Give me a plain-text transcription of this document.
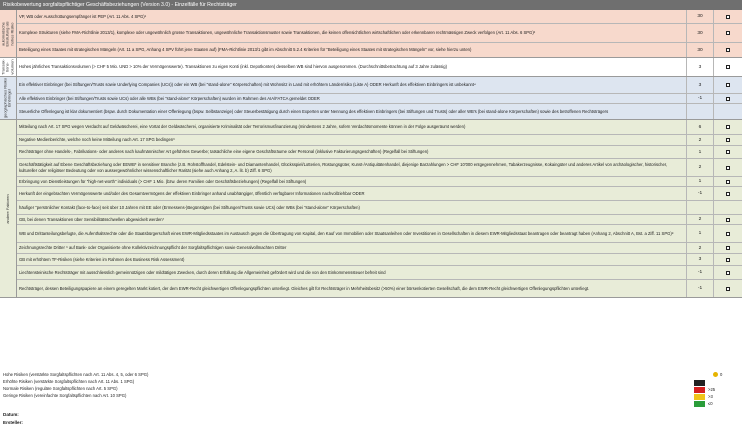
Risikobewertung sorgfaltspflichtiger Geschäftsbeziehungen (Version 3.0) - Einzelfälle für Rechtsträger
automatische Einstufung als hohes Risiko
VP, WB oder Ausschüttungsempfänger ist PEP (Art. 11 Abs. 4 SPG)¹	30
Komplexe Strukturen (siehe FMA-Richtlinie 2013/1), komplexe oder ungewöhnlich grosse Transaktionen, ungewöhnliche Transaktionsmuster sowie Transaktionen, die keinen offensichtlichen wirtschaftlichen oder erkennbaren rechtmässigen Zweck verfolgen (Art. 11 Abs. 6 SPG)²	30
Beteiligung eines Staates mit strategischen Mängeln (Art. 11 a SPG, Anhang 4 SPV führt jene Staaten auf) (FMA-Richtlinie 2013/1 gibt im Abschnitt 5.2.4 Kriterien für "Beteiligung eines Staates mit strategischen Mängeln" vor, siehe hierzu unten)	30
Transak- tions- volumen	Hohes jährliches Transaktionsvolumen (> CHF 5 Mio. UND > 10% der Vermögenswerte). Transaktionen zu eigen Konti (inkl. Depotkonten) desselben WB sind hiervon ausgenommen. (Durchschnittsbetrachtung auf 3 Jahre zulässig)	3
geographisches Risiko Einbringer
Ein effektiver Einbringer (bei Stiftungen/Trusts sowie Underlying Companies (UCs)) oder ein WB (bei "stand-alone" Körperschaften) mit Wohnsitz in Land mit erhöhtem Länderrisiko (Liste A) ODER Herkunft des effektiven Einbringers ist unbekannt⁴	3
Alle effektiven Einbringer (bei Stiftungen/Trusts sowie UCs) oder alle WBs (bei "stand-alone" Körperschaften) wurden im Rahmen des AIA/FATCA gemeldet ODER	-1
Steuerliche Offenlegung ist klar dokumentiert (bspw. durch Dokumentation einer Offenlegung (bspw. Selbstanzeige) oder Steuerbestätigung durch einen Experten unter Nennung des effektiven Einbringers (bei Stiftungen und Trusts) oder aller WB's (bei stand-alone Körperschaften) sowie des betroffenen Rechtsträgers
andere Faktoren
Mitteilung nach Art. 17 SPG wegen Verdacht auf Geldwäscherei, eine Vortat der Geldwäscherei, organisierte Kriminalität oder Terrorismusfinanzierung (mindestens 2 Jahre, sofern Verdachtsmomente können in der Folge ausgeräumt werden)	6
Negative Medienberichte, welche noch keine Mitteilung nach Art. 17 SPG bedingen³	2
Rechtsträger ohne Handels-, Fabrikations- oder anderes nach kaufmännischer Art geführtes Gewerbe; tatsächliche eine eigene Geschäftsräume oder Personal (inklusive Fakturierungsgeschäften) (Regelfall bei Stiftungen)	1
Geschäftstätigkeit auf Ebene Geschäftsbeziehung oder EEWB* in sensitiver Branche (z.B. Rohstoffhandel, Edelstein- und Diamantenhandel, Glücksspiel/Lotterien, Rüstungsgüter, Kunst-/Antiquitätenhandel, diejenige Barzahlungen > CHF 10'000 entgegennehmen, Tabakerzeugnisse, Kokaingüter und anderes Artikel von archäologischer, historischer, kultureller oder religiöser Bedeutung oder von aussergewöhnlicher wissenschaftlicher Rarität (siehe auch Anhang 2, A. lit. b) Ziff. 6 SPG)	2
Erbringung von Dienstleistungen für "high-net-worth" individuals (> CHF 1 Mio. (bzw. deren Familien oder Geschäftsbeziehungen) (Regelfall bei Stiftungen)	1
Herkunft der eingebrachten Vermögenswerte und/oder des Gesamtvermögens der effektiven Einbringer anhand unabhängiger, öffentlich verfügbarer Informationen nachvollziehbar ODER	-1
häufiger "persönlicher Kontakt (face-to-face) seit über 10 Jahren mit EE oder (Ermessens-)Begünstigten (bei Stiftungen/Trusts sowie UCs) oder WBs (bei "stand-alone" Körperschaften)
GB, bei denen Transaktionen über Sensibilitätsschwellen abgewickelt werden⁷	2
WB und Drittanteilungsbefugte, die Aufenthaltsrechte oder die Staatsbürgerschaft eines EWR-Mitgliedsstaates im Austausch gegen die Übertragung von Kapital, den Kauf von Immobilien oder Staatsanleihen oder Investitionen in Gesellschaften in diesem EWR-Mitgliedsstaat beantragen oder beantragt haben (Anhang 2, Abschnitt A, Bst. a Ziff. 11 SPG)⁸	1
Zeichnungsrechte Dritter ⁹ auf Bank- oder Organisierte ohne Kollektivzeichnungspflicht der Sorgfaltspflichtigen sowie Generalvollmachten Dritter	2
GB mit erhöhtem TF-Risiken (siehe Kriterien im Rahmen des Business Risk Assessment)	3
Liechtensteinische Rechtsträger mit ausschliesslich gemeinnützigen oder mildtätigen Zwecken, durch deren Erfüllung die Allgemeinheit gefördert wird und die von den Einkommenssteuer befreit sind	-1
Rechtsträger, dessen Beteiligungspapiere an einem geregelten Markt kotiert, der dem EWR-Recht gleichwertigen Offenlegungspflichten unterliegt. Gleiches gilt für Rechtsträger in Mehrheitsbesitz (>50%) einer börsenkotierten Gesellschaft, die dem EWR-Recht gleichwertigen Offenlegungspflichten unterliegt.	-1
Hohe Risiken (verstärkte Sorgfaltspflichten nach Art. 11 Abs. 4, 5, oder 6 SPG)
Erhöhte Risiken (verstärkte Sorgfaltspflichten nach Art. 11 Abs. 1 SPG)
Normale Risiken (reguläre Sorgfaltspflichten nach Art. 5 SPG)
Geringe Risiken (vereinfachte Sorgfaltspflichten nach Art. 10 SPG)
Datum:
Ersteller:
0
>25
>3
≤0
